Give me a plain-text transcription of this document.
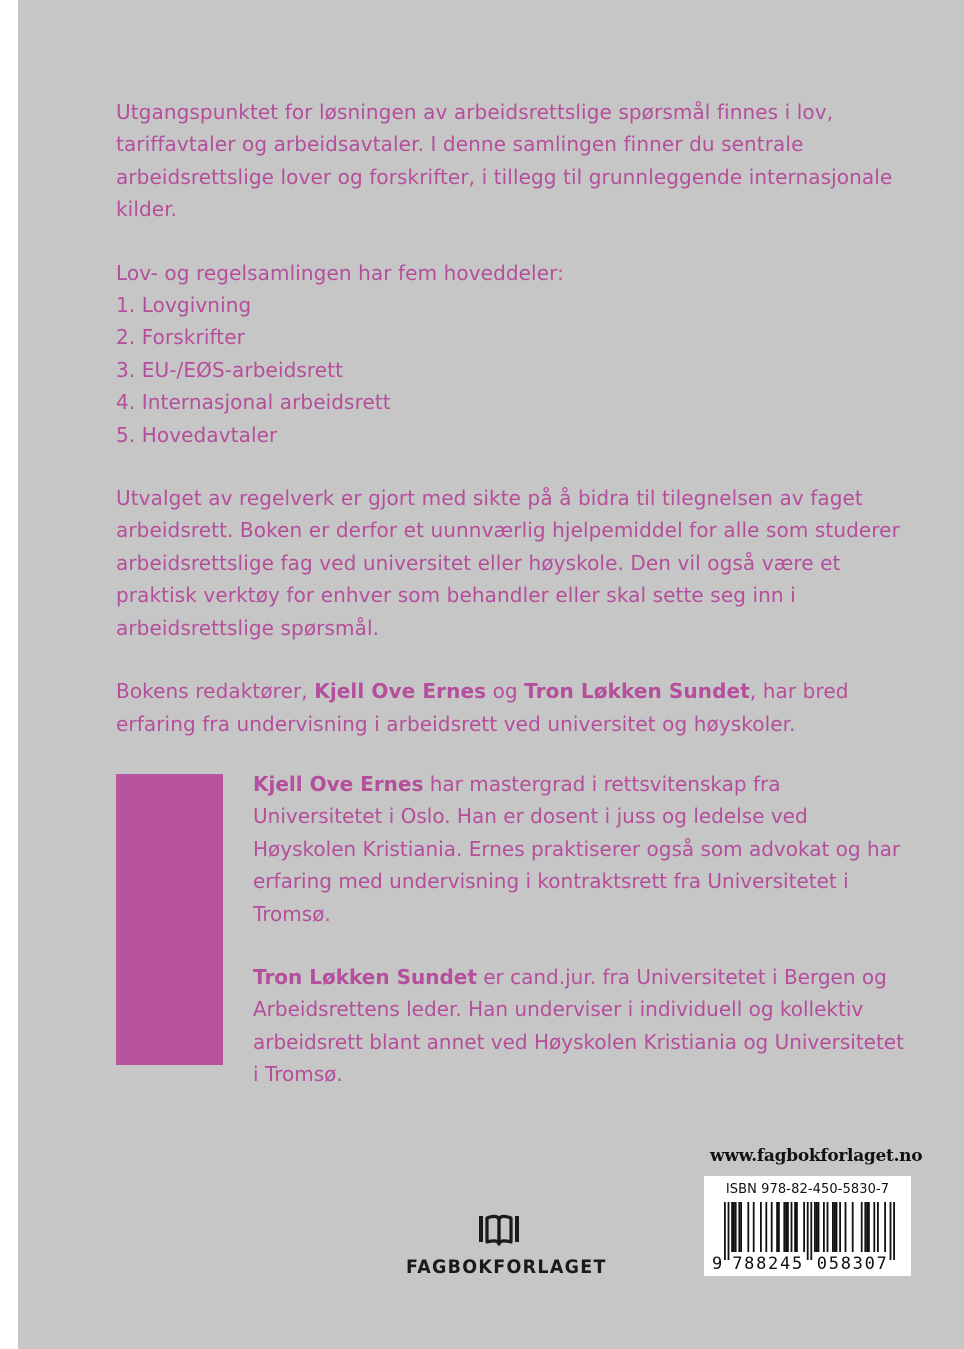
Utgangspunktet for løsningen av arbeidsrettslige spørsmål finnes i lov, tariffavtaler og arbeidsavtaler. I denne samlingen finner du sentrale arbeidsrettslige lover og forskrifter, i tillegg til grunnleggende internasjonale kilder.

Lov- og regelsamlingen har fem hoveddeler:

1. Lovgivning
2. Forskrifter
3. EU-/EØS-arbeidsrett
4. Internasjonal arbeidsrett
5. Hovedavtaler

Utvalget av regelverk er gjort med sikte på å bidra til tilegnelsen av faget arbeidsrett. Boken er derfor et uunnværlig hjelpemiddel for alle som studerer arbeidsrettslige fag ved universitet eller høyskole. Den vil også være et praktisk verktøy for enhver som behandler eller skal sette seg inn i arbeidsrettslige spørsmål.

Bokens redaktører, Kjell Ove Ernes og Tron Løkken Sundet, har bred erfaring fra undervisning i arbeidsrett ved universitet og høyskoler.

Kjell Ove Ernes har mastergrad i rettsvitenskap fra Universitetet i Oslo. Han er dosent i juss og ledelse ved Høyskolen Kristiania. Ernes praktiserer også som advokat og har erfaring med undervisning i kontraktsrett fra Universitetet i Tromsø.

Tron Løkken Sundet er cand.jur. fra Universitetet i Bergen og Arbeidsrettens leder. Han underviser i individuell og kollektiv arbeidsrett blant annet ved Høyskolen Kristiania og Universitetet i Tromsø.

www.fagbokforlaget.no
FAGBOKFORLAGET
ISBN 978-82-450-5830-7
9 788245 058307
